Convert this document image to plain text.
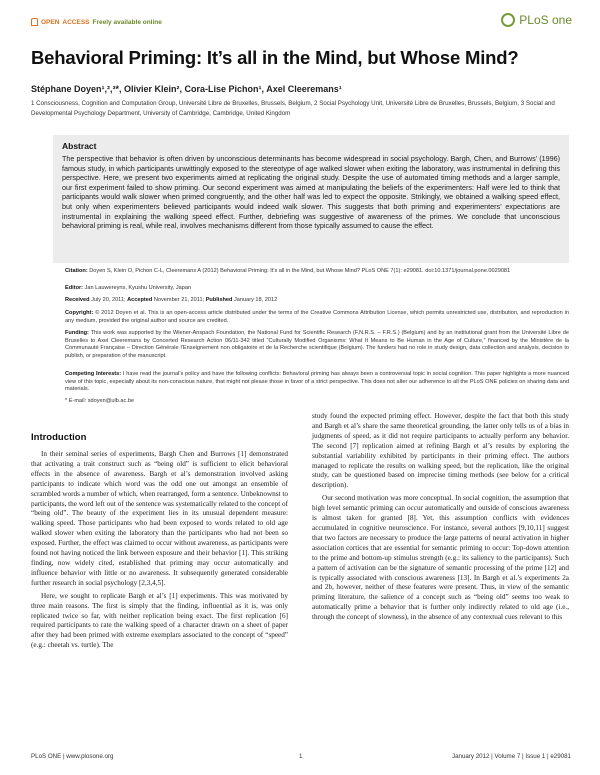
OPEN ACCESS Freely available online	PLoS one
Behavioral Priming: It’s all in the Mind, but Whose Mind?
Stéphane Doyen¹,²,³*, Olivier Klein², Cora-Lise Pichon¹, Axel Cleeremans¹
1 Consciousness, Cognition and Computation Group, Université Libre de Bruxelles, Brussels, Belgium, 2 Social Psychology Unit, Université Libre de Bruxelles, Brussels, Belgium, 3 Social and Developmental Psychology Department, University of Cambridge, Cambridge, United Kingdom
Abstract

The perspective that behavior is often driven by unconscious determinants has become widespread in social psychology. Bargh, Chen, and Burrows’ (1996) famous study, in which participants unwittingly exposed to the stereotype of age walked slower when exiting the laboratory, was instrumental in defining this perspective. Here, we present two experiments aimed at replicating the original study. Despite the use of automated timing methods and a larger sample, our first experiment failed to show priming. Our second experiment was aimed at manipulating the beliefs of the experimenters: Half were led to think that participants would walk slower when primed congruently, and the other half was led to expect the opposite. Strikingly, we obtained a walking speed effect, but only when experimenters believed participants would indeed walk slower. This suggests that both priming and experimenters’ expectations are instrumental in explaining the walking speed effect. Further, debriefing was suggestive of awareness of the primes. We conclude that unconscious behavioral priming is real, while real, involves mechanisms different from those typically assumed to cause the effect.

Citation: Doyen S, Klein O, Pichon C-L, Cleeremans A (2012) Behavioral Priming: It’s all in the Mind, but Whose Mind? PLoS ONE 7(1): e29081. doi:10.1371/journal.pone.0029081
Editor: Jan Lauwereyns, Kyushu University, Japan
Received July 20, 2011; Accepted November 21, 2011; Published January 18, 2012
Copyright: © 2012 Doyen et al. This is an open-access article distributed under the terms of the Creative Commons Attribution License, which permits unrestricted use, distribution, and reproduction in any medium, provided the original author and source are credited.
Funding: This work was supported by the Wiener-Anspach Foundation, the National Fund for Scientific Research (F.N.R.S. – F.R.S.) (Belgium) and by an institutional grant from the Université Libre de Bruxelles to Axel Cleeremans by Concerted Research Action 06/11-342 titled “Culturally Modified Organisms: What It Means to Be Human in the Age of Culture,” financed by the Ministère de la Communauté Française – Direction Générale l’Enseignement non obligatoire et de la Recherche scientifique (Belgium). The funders had no role in study design, data collection and analysis, decision to publish, or preparation of the manuscript.
Competing Interests: I have read the journal’s policy and have the following conflicts: Behavioral priming has always been a controversial topic in social cognition. This paper highlights a more nuanced view of this topic, especially about its non-conscious nature, that might not please those in favor of a strict perspective. This does not alter our adherence to all the PLoS ONE policies on sharing data and materials.
* E-mail: sdoyen@ulb.ac.be
Introduction

In their seminal series of experiments, Bargh Chen and Burrows [1] demonstrated that activating a trait construct such as “being old” is sufficient to elicit behavioral effects in the absence of awareness. Bargh et al’s demonstration involved asking participants to indicate which word was the odd one out amongst an ensemble of scrambled words a number of which, when rearranged, form a sentence. Unbeknownst to participants, the word left out of the sentence was systematically related to the concept of “being old”. The beauty of the experiment lies in its unusual dependent measure: walking speed. Those participants who had been exposed to words related to old age walked slower when exiting the laboratory than the participants who had not been so exposed. Further, the effect was claimed to occur without awareness, as participants were found not having noticed the link between exposure and their behavior [1]. This striking finding, now widely cited, established that priming may occur automatically and influence behavior with little or no awareness. It subsequently generated considerable further research in social psychology [2,3,4,5].

Here, we sought to replicate Bargh et al’s [1] experiments. This was motivated by three main reasons. The first is simply that the finding, influential as it is, was only replicated twice so far, with neither replication being exact. The first replication [6] required participants to rate the walking speed of a character drawn on a sheet of paper after they had been primed with extreme exemplars associated to the concept of “speed” (e.g.: cheetah vs. turtle). The

study found the expected priming effect. However, despite the fact that both this study and Bargh et al’s share the same theoretical grounding, the latter only tells us of a bias in judgments of speed, as it did not require participants to actually perform any behavior. The second [7] replication aimed at refining Bargh et al’s results by exploring the substantial variability exhibited by participants in their priming effect. The authors managed to replicate the results on walking speed, but the replication, like the original study, can be questioned based on imprecise timing methods (see below for a critical description).

Our second motivation was more conceptual. In social cognition, the assumption that high level semantic priming can occur automatically and outside of conscious awareness is almost taken for granted [8]. Yet, this assumption conflicts with evidences accumulated in cognitive neuroscience. For instance, several authors [9,10,11] suggest that two factors are necessary to produce the large patterns of neural activation in higher association cortices that are essential for semantic priming to occur: Top-down attention to the prime and bottom-up stimulus strength (e.g.: its saliency to the participants). Such a pattern of activation can be the signature of semantic processing of the prime [12] and is typically associated with conscious awareness [13]. In Bargh et al.’s experiments 2a and 2b, however, neither of these features were present. Thus, in view of the semantic priming literature, the salience of a concept such as “being old” seems too weak to automatically prime a behavior that is further only indirectly related to old age (i.e., through the concept of slowness), in the absence of any contextual cues relevant to this

PLoS ONE | www.plosone.org	1	January 2012 | Volume 7 | Issue 1 | e29081
